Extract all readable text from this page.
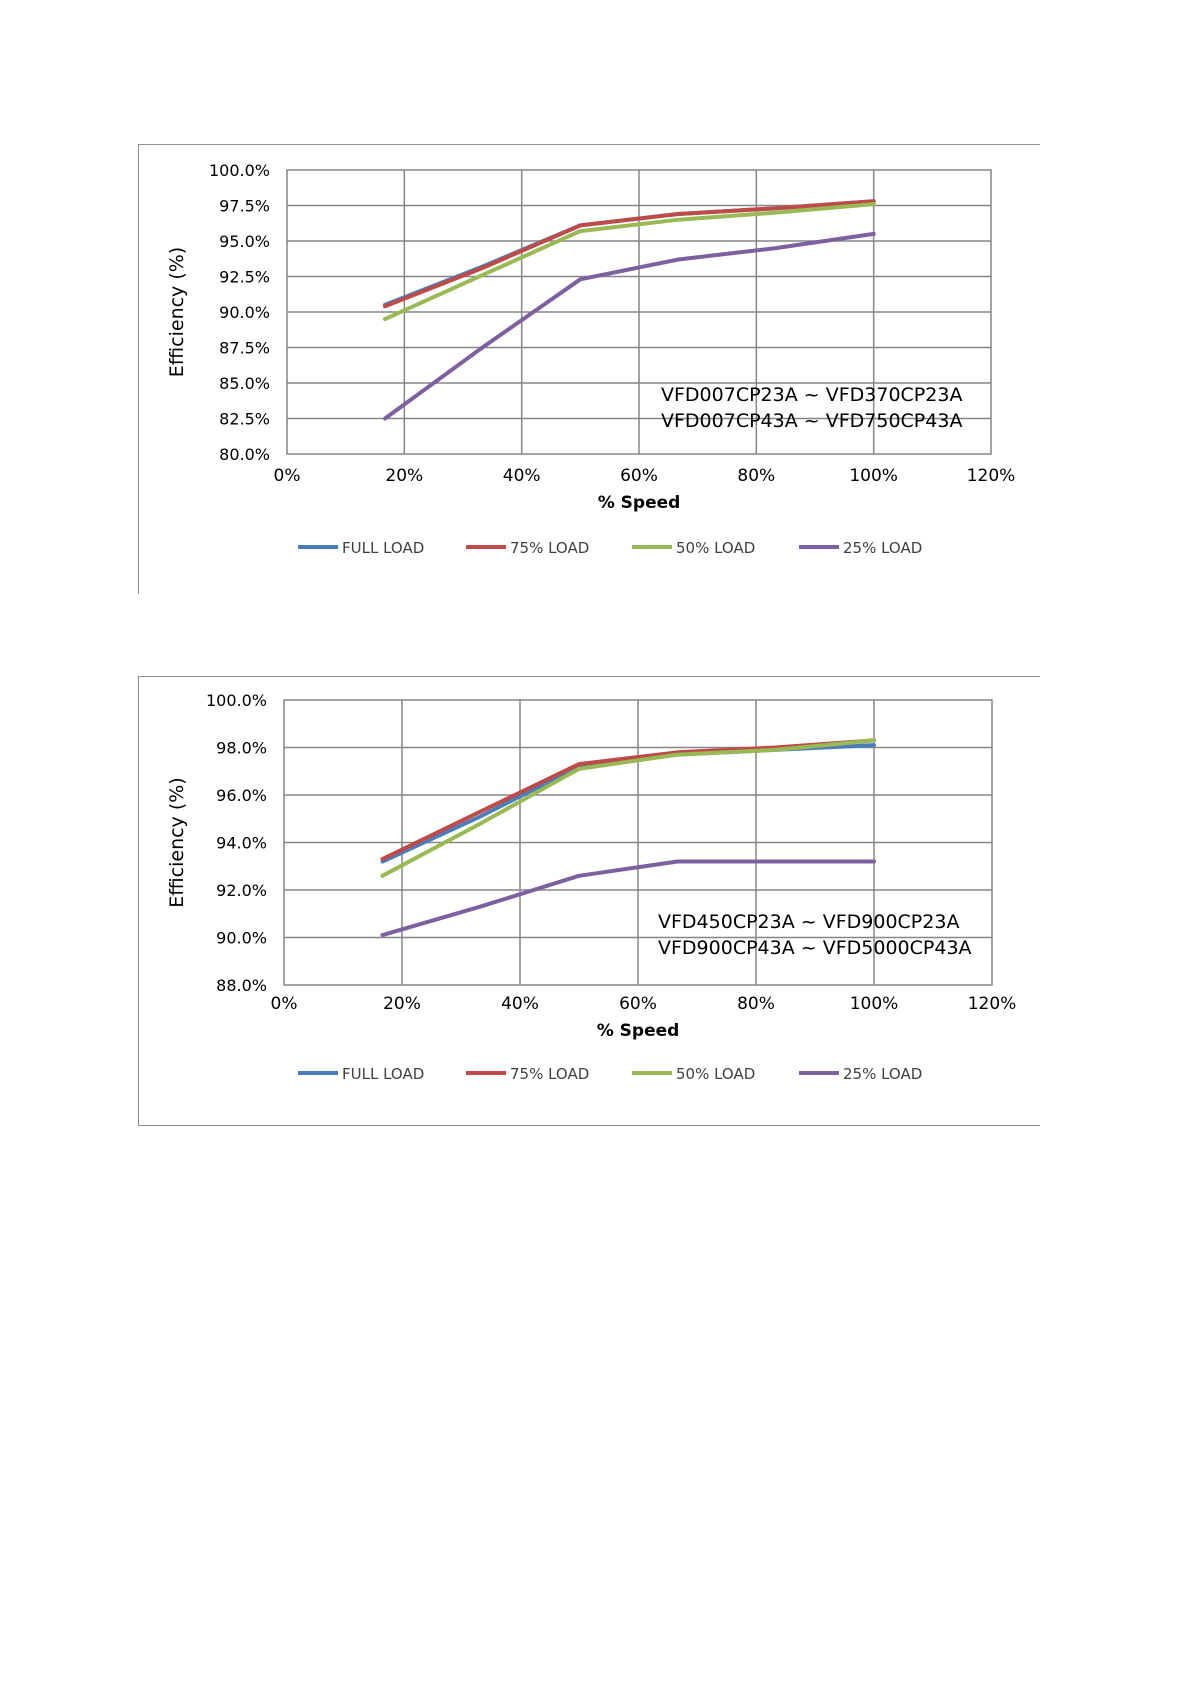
0%	20%	40%	60%	80%	100%	120%
80.0%
82.5%
85.0%
87.5%
90.0%
92.5%
95.0%
97.5%
100.0%
% Speed
Efficiency (%)
VFD007CP23A ~ VFD370CP23A
VFD007CP43A ~ VFD750CP43A
FULL LOAD	75% LOAD	50% LOAD	25% LOAD
0%	20%	40%	60%	80%	100%	120%
88.0%
90.0%
92.0%
94.0%
96.0%
98.0%
100.0%
% Speed
Efficiency (%)
VFD450CP23A ~ VFD900CP23A
VFD900CP43A ~ VFD5000CP43A
FULL LOAD	75% LOAD	50% LOAD	25% LOAD
